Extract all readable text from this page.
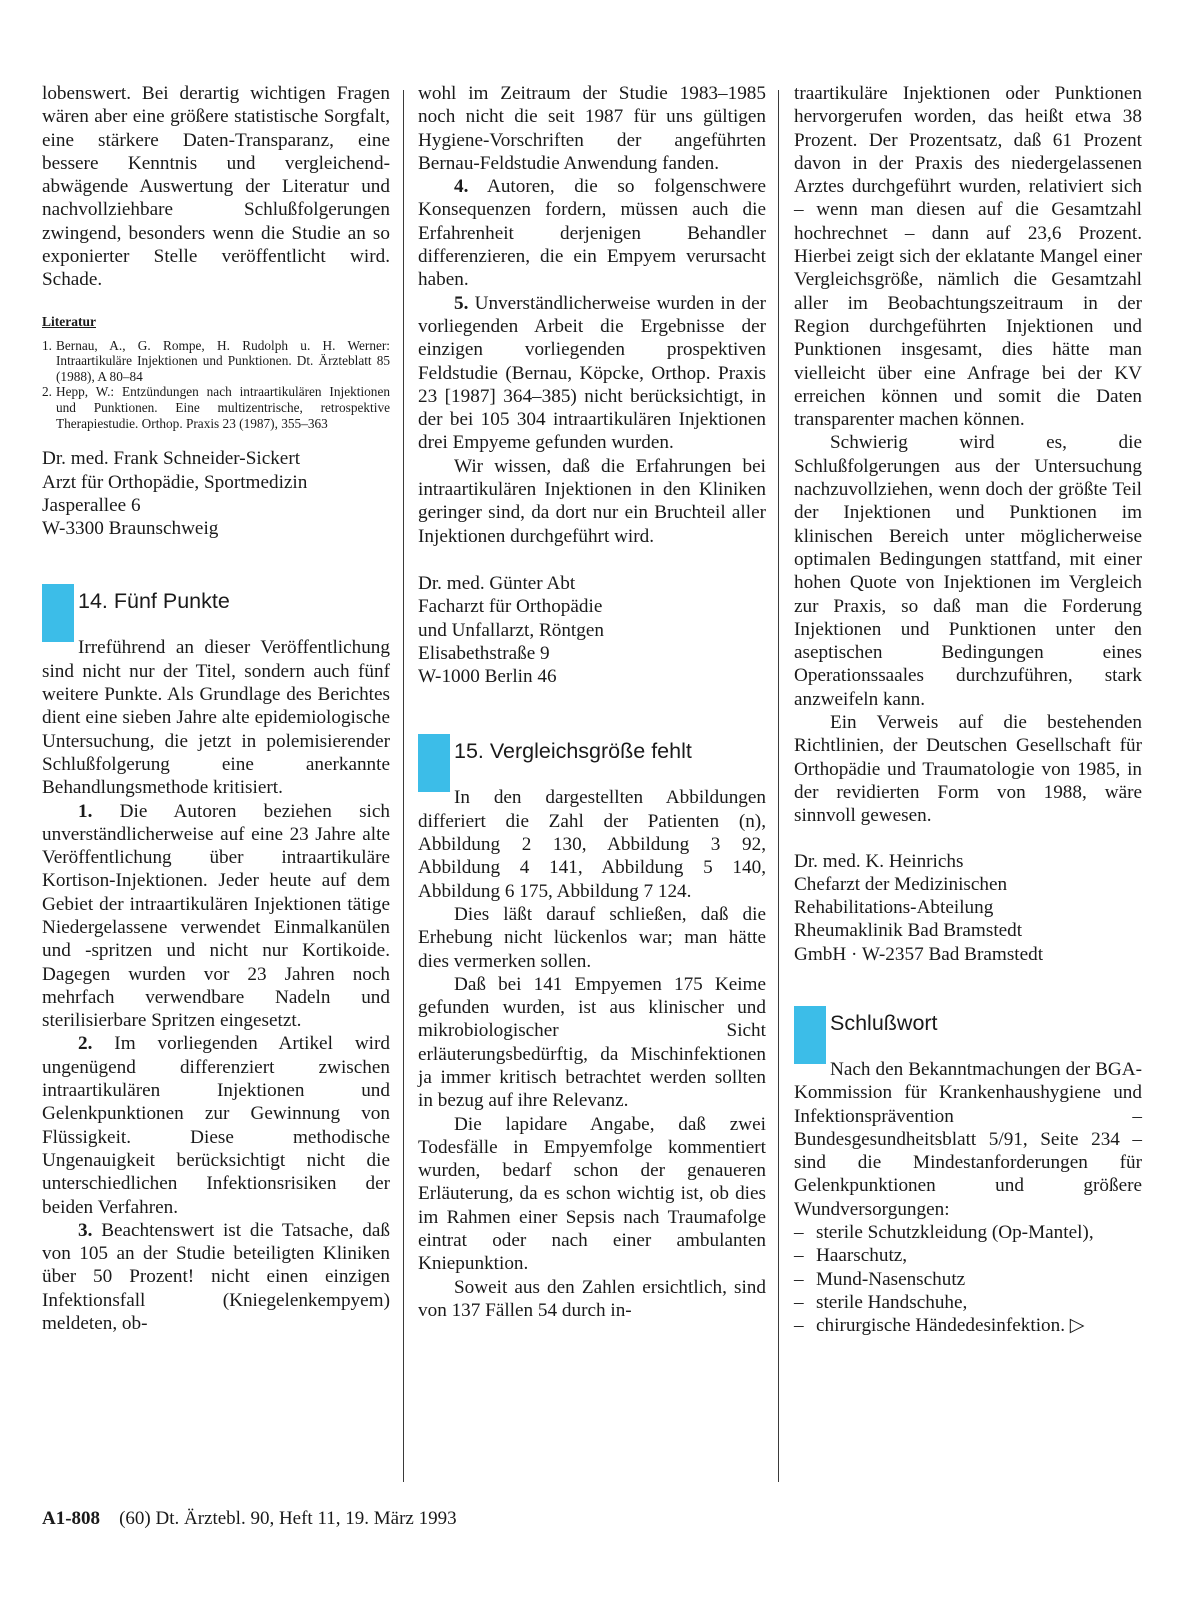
lobenswert. Bei derartig wichtigen Fragen wären aber eine größere statistische Sorgfalt, eine stärkere Daten-Transparanz, eine bessere Kenntnis und vergleichend-abwägende Auswertung der Literatur und nachvollziehbare Schlußfolgerungen zwingend, besonders wenn die Studie an so exponierter Stelle veröffentlicht wird. Schade.

Literatur
1. Bernau, A., G. Rompe, H. Rudolph u. H. Werner: Intraartikuläre Injektionen und Punktionen. Dt. Ärzteblatt 85 (1988), A 80–84
2. Hepp, W.: Entzündungen nach intraartikulären Injektionen und Punktionen. Eine multizentrische, retrospektive Therapiestudie. Orthop. Praxis 23 (1987), 355–363
Dr. med. Frank Schneider-Sickert
Arzt für Orthopädie, Sportmedizin
Jasperallee 6
W-3300 Braunschweig
14. Fünf Punkte

Irreführend an dieser Veröffentlichung sind nicht nur der Titel, sondern auch fünf weitere Punkte. Als Grundlage des Berichtes dient eine sieben Jahre alte epidemiologische Untersuchung, die jetzt in polemisierender Schlußfolgerung eine anerkannte Behandlungsmethode kritisiert.

1. Die Autoren beziehen sich unverständlicherweise auf eine 23 Jahre alte Veröffentlichung über intraartikuläre Kortison-Injektionen. Jeder heute auf dem Gebiet der intraartikulären Injektionen tätige Niedergelassene verwendet Einmalkanülen und -spritzen und nicht nur Kortikoide. Dagegen wurden vor 23 Jahren noch mehrfach verwendbare Nadeln und sterilisierbare Spritzen eingesetzt.

2. Im vorliegenden Artikel wird ungenügend differenziert zwischen intraartikulären Injektionen und Gelenkpunktionen zur Gewinnung von Flüssigkeit. Diese methodische Ungenauigkeit berücksichtigt nicht die unterschiedlichen Infektionsrisiken der beiden Verfahren.

3. Beachtenswert ist die Tatsache, daß von 105 an der Studie beteiligten Kliniken über 50 Prozent! nicht einen einzigen Infektionsfall (Kniegelenkempyem) meldeten, ob-

wohl im Zeitraum der Studie 1983–1985 noch nicht die seit 1987 für uns gültigen Hygiene-Vorschriften der angeführten Bernau-Feldstudie Anwendung fanden.

4. Autoren, die so folgenschwere Konsequenzen fordern, müssen auch die Erfahrenheit derjenigen Behandler differenzieren, die ein Empyem verursacht haben.

5. Unverständlicherweise wurden in der vorliegenden Arbeit die Ergebnisse der einzigen vorliegenden prospektiven Feldstudie (Bernau, Köpcke, Orthop. Praxis 23 [1987] 364–385) nicht berücksichtigt, in der bei 105 304 intraartikulären Injektionen drei Empyeme gefunden wurden.

Wir wissen, daß die Erfahrungen bei intraartikulären Injektionen in den Kliniken geringer sind, da dort nur ein Bruchteil aller Injektionen durchgeführt wird.

Dr. med. Günter Abt
Facharzt für Orthopädie
und Unfallarzt, Röntgen
Elisabethstraße 9
W-1000 Berlin 46
15. Vergleichsgröße fehlt

In den dargestellten Abbildungen differiert die Zahl der Patienten (n), Abbildung 2 130, Abbildung 3 92, Abbildung 4 141, Abbildung 5 140, Abbildung 6 175, Abbildung 7 124.

Dies läßt darauf schließen, daß die Erhebung nicht lückenlos war; man hätte dies vermerken sollen.

Daß bei 141 Empyemen 175 Keime gefunden wurden, ist aus klinischer und mikrobiologischer Sicht erläuterungsbedürftig, da Mischinfektionen ja immer kritisch betrachtet werden sollten in bezug auf ihre Relevanz.

Die lapidare Angabe, daß zwei Todesfälle in Empyemfolge kommentiert wurden, bedarf schon der genaueren Erläuterung, da es schon wichtig ist, ob dies im Rahmen einer Sepsis nach Traumafolge eintrat oder nach einer ambulanten Kniepunktion.

Soweit aus den Zahlen ersichtlich, sind von 137 Fällen 54 durch in-

traartikuläre Injektionen oder Punktionen hervorgerufen worden, das heißt etwa 38 Prozent. Der Prozentsatz, daß 61 Prozent davon in der Praxis des niedergelassenen Arztes durchgeführt wurden, relativiert sich – wenn man diesen auf die Gesamtzahl hochrechnet – dann auf 23,6 Prozent. Hierbei zeigt sich der eklatante Mangel einer Vergleichsgröße, nämlich die Gesamtzahl aller im Beobachtungszeitraum in der Region durchgeführten Injektionen und Punktionen insgesamt, dies hätte man vielleicht über eine Anfrage bei der KV erreichen können und somit die Daten transparenter machen können.

Schwierig wird es, die Schlußfolgerungen aus der Untersuchung nachzuvollziehen, wenn doch der größte Teil der Injektionen und Punktionen im klinischen Bereich unter möglicherweise optimalen Bedingungen stattfand, mit einer hohen Quote von Injektionen im Vergleich zur Praxis, so daß man die Forderung Injektionen und Punktionen unter den aseptischen Bedingungen eines Operationssaales durchzuführen, stark anzweifeln kann.

Ein Verweis auf die bestehenden Richtlinien, der Deutschen Gesellschaft für Orthopädie und Traumatologie von 1985, in der revidierten Form von 1988, wäre sinnvoll gewesen.

Dr. med. K. Heinrichs
Chefarzt der Medizinischen
Rehabilitations-Abteilung
Rheumaklinik Bad Bramstedt
GmbH · W-2357 Bad Bramstedt
Schlußwort

Nach den Bekanntmachungen der BGA-Kommission für Krankenhaushygiene und Infektionsprävention – Bundesgesundheitsblatt 5/91, Seite 234 – sind die Mindestanforderungen für Gelenkpunktionen und größere Wundversorgungen:

– sterile Schutzkleidung (Op-Mantel),
– Haarschutz,
– Mund-Nasenschutz
– sterile Handschuhe,
– chirurgische Händedesinfektion. ▷
A1-808 (60) Dt. Ärztebl. 90, Heft 11, 19. März 1993
